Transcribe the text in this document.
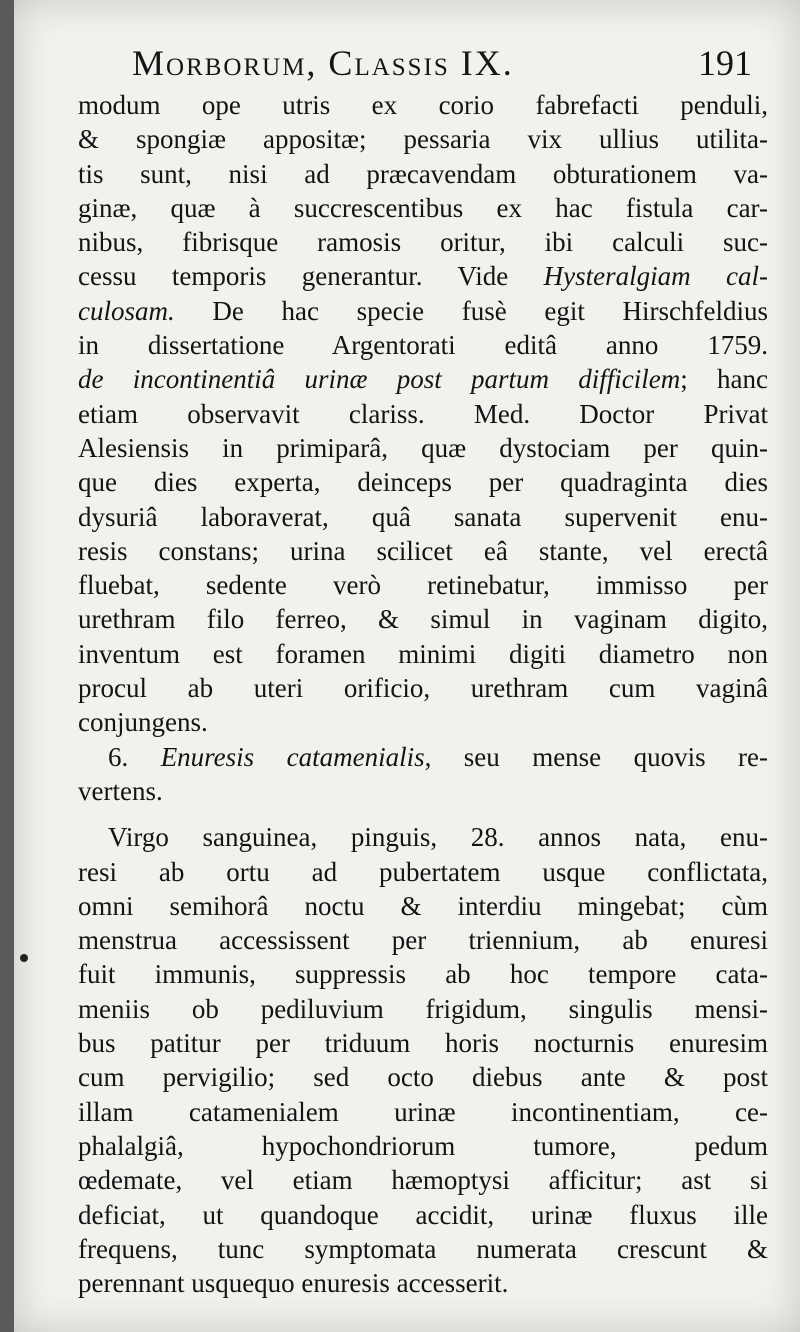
Morborum, Classis IX.	191
modum ope utris ex corio fabrefacti penduli,
& spongiæ appositæ; pessaria vix ullius utilita-
tis sunt, nisi ad præcavendam obturationem va-
ginæ, quæ à succrescentibus ex hac fistula car-
nibus, fibrisque ramosis oritur, ibi calculi suc-
cessu temporis generantur. Vide Hysteralgiam cal-
culosam. De hac specie fusè egit Hirschfeldius
in dissertatione Argentorati editâ anno 1759.
de incontinentiâ urinæ post partum difficilem; hanc
etiam observavit clariss. Med. Doctor Privat
Alesiensis in primiparâ, quæ dystociam per quin-
que dies experta, deinceps per quadraginta dies
dysuriâ laboraverat, quâ sanata supervenit enu-
resis constans; urina scilicet eâ stante, vel erectâ
fluebat, sedente verò retinebatur, immisso per
urethram filo ferreo, & simul in vaginam digito,
inventum est foramen minimi digiti diametro non
procul ab uteri orificio, urethram cum vaginâ
conjungens.
6. Enuresis catamenialis, seu mense quovis re-
vertens.
Virgo sanguinea, pinguis, 28. annos nata, enu-
resi ab ortu ad pubertatem usque conflictata,
omni semihorâ noctu & interdiu mingebat; cùm
menstrua accessissent per triennium, ab enuresi
fuit immunis, suppressis ab hoc tempore cata-
meniis ob pediluvium frigidum, singulis mensi-
bus patitur per triduum horis nocturnis enuresim
cum pervigilio; sed octo diebus ante & post
illam catamenialem urinæ incontinentiam, ce-
phalalgiâ, hypochondriorum tumore, pedum
œdemate, vel etiam hæmoptysi afficitur; ast si
deficiat, ut quandoque accidit, urinæ fluxus ille
frequens, tunc symptomata numerata crescunt &
perennant usquequo enuresis accesserit.
